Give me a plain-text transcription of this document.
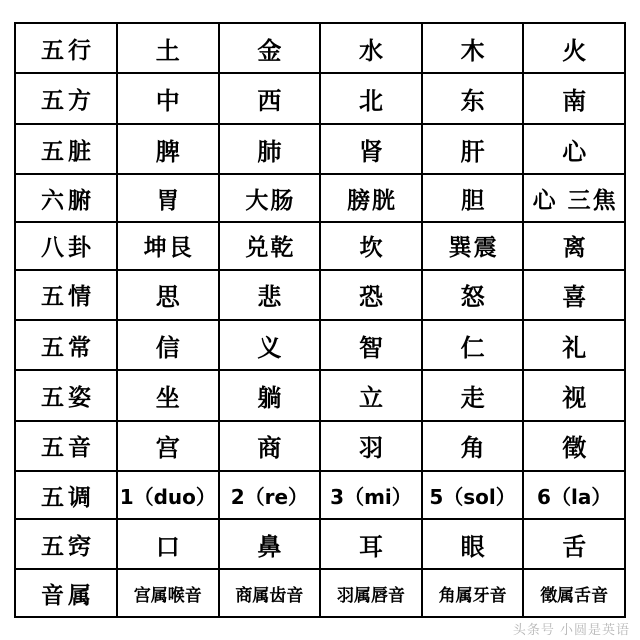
五行	土	金	水	木	火
五方	中	西	北	东	南
五脏	脾	肺	肾	肝	心
六腑	胃	大肠	膀胱	胆	心 三焦
八卦	坤艮	兑乾	坎	巽震	离
五情	思	悲	恐	怒	喜
五常	信	义	智	仁	礼
五姿	坐	躺	立	走	视
五音	宫	商	羽	角	徵
五调	1（duo）	2（re）	3（mi）	5（sol）	6（la）
五窍	口	鼻	耳	眼	舌
音属	宫属喉音	商属齿音	羽属唇音	角属牙音	徵属舌音
头条号 小圆是英语
